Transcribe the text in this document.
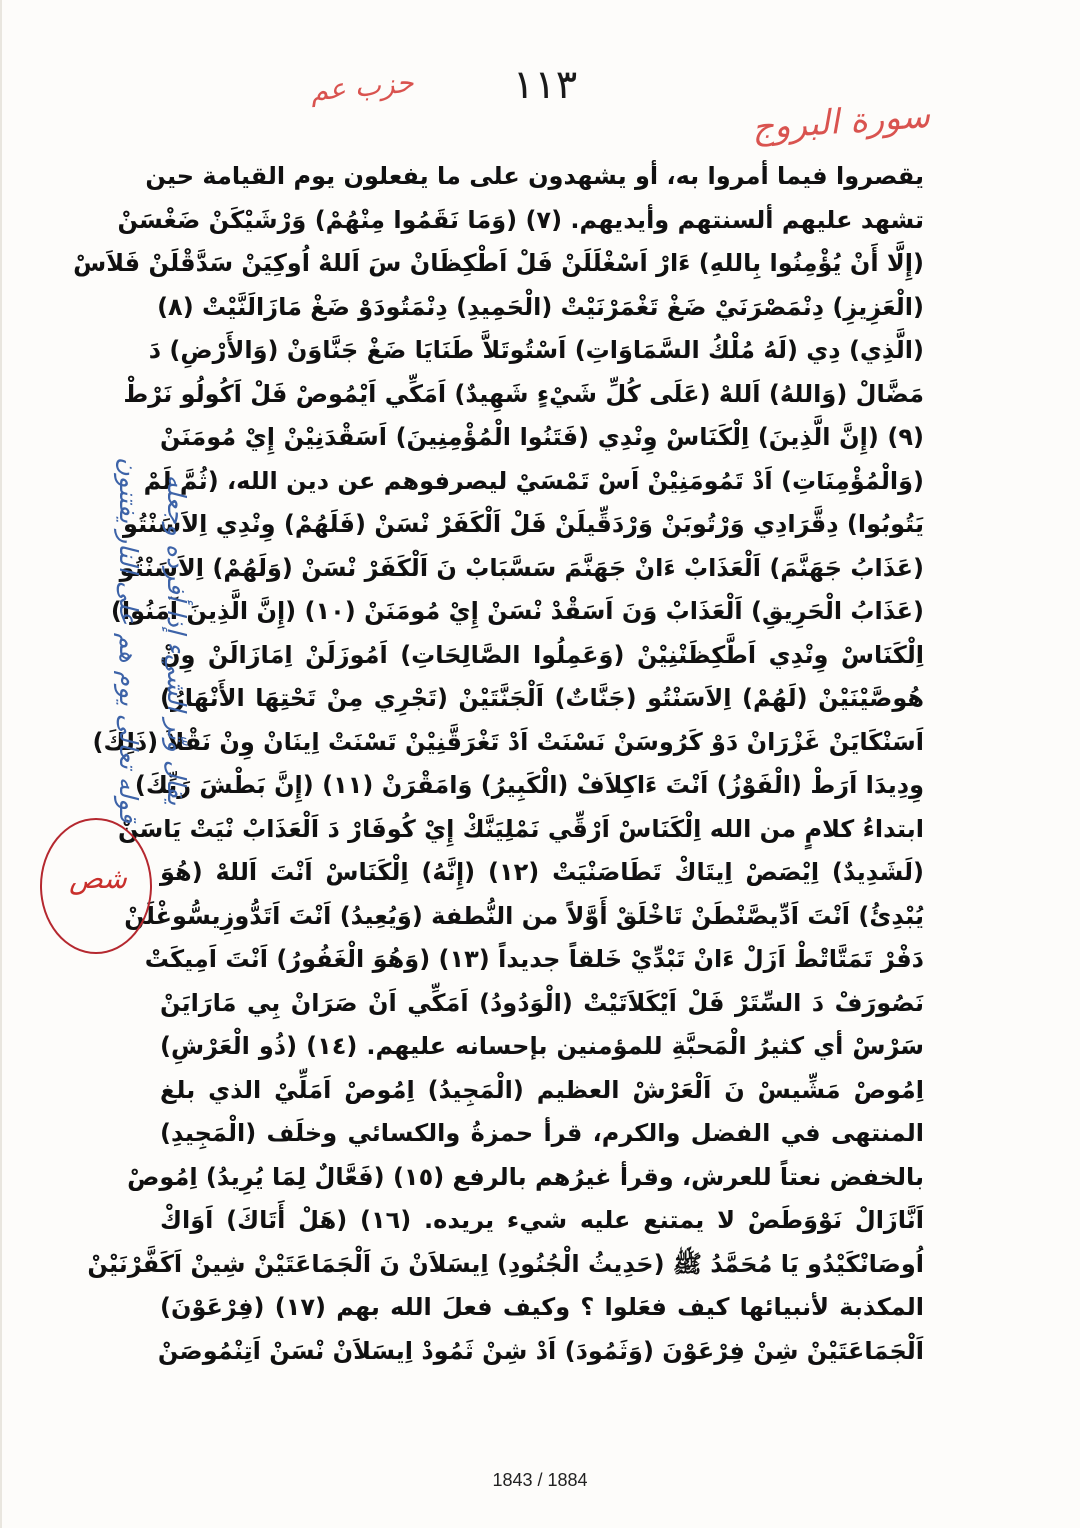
حزب عم	١١٣
سورة البروج
يقصروا فيما أمروا به، أو يشهدون على ما يفعلون يوم القيامة حين
تشهد عليهم ألسنتهم وأيديهم. (٧) (وَمَا نَقَمُوا مِنْهُمْ) وَرْشَيْكَنْ ضَغْسَنْ
(إِلَّا أَنْ يُؤْمِنُوا بِاللهِ) ءَارْ اَسْغْلَلَنْ فَلْ اَطْكِظَانْ سَ اَللهْ اُوكِيَنْ سَدَّقْلَنْ فَلاَسْ
(الْعَزِيزِ) دِنْمَصْرَنَيْ ضَغْ تَغْمَرْنَيْتْ (الْحَمِيدِ) دِنْمَتُودَوْ ضَغْ مَازَالَنَّيْتْ (٨)
(الَّذِي) دِي (لَهُ مُلْكُ السَّمَاوَاتِ) اَسْتُوتَلاَّ طَنَايَا ضَغْ جَنَّاوَنْ (وَالأَرْضِ) دَ
مَضَّالْ (وَاللهُ) اَللهْ (عَلَى كُلِّ شَيْءٍ شَهِيدٌ) اَمَكِّي اَيْمُوصْ فَلْ اَكُولُو نَرْطْ
(٩) (إِنَّ الَّذِينَ) اِلْكَنَاسْ وِنْدِي (فَتَنُوا الْمُؤْمِنِينَ) اَسَقْدَنِيْنْ إِيْ مُومَنَنْ
(وَالْمُؤْمِنَاتِ) اَدْ تَمُومَنِيْنْ اَسْ تَمْسَيْ ليصرفوهم عن دين الله، (ثُمَّ لَمْ
يَتُوبُوا) دِقَّرَادِي وَرْتُوبَنْ وَرْدَقِّيلَنْ فَلْ اَلْكَفَرْ نْسَنْ (فَلَهُمْ) وِنْدِي اِلاَسَنْتُو
(عَذَابُ جَهَنَّمَ) اَلْعَذَابْ ءَانْ جَهَنَّمَ سَسَّبَابْ نَ اَلْكَفَرْ نْسَنْ (وَلَهُمْ) اِلاَسَنْتُو
(عَذَابُ الْحَرِيقِ) اَلْعَذَابْ وَنَ اَسَقْدْ نْسَنْ إِيْ مُومَنَنْ (١٠) (إِنَّ الَّذِينَ آمَنُوا)
اِلْكَنَاسْ وِنْدِي اَطَّكِظَنْنِيْنْ (وَعَمِلُوا الصَّالِحَاتِ) اَمُوزَلَنْ اِمَازَالَنْ وِنْ
هُوصَّيْنَيْنْ (لَهُمْ) اِلاَسَنْتُو (جَنَّاتٌ) اَلْجَنَّتَيْنْ (تَجْرِي مِنْ تَحْتِهَا الأَنْهَارُ)
اَسَنْكَايَنْ غَزْرَانْ دَوْ كَرُوسَنْ نَسْنَتْ اَدْ تَغْرَقَّنِيْنْ تَسْنَتْ اِينَانْ وِنْ نَقْلاَ (ذَلِكَ)
وِدِيدَا اَرَطْ (الْفَوْزُ) اَنْتَ ءَاكِلاَفْ (الْكَبِيرُ) وَامَقْرَنْ (١١) (إِنَّ بَطْشَ رَبِّكَ)
ابتداءُ كلامٍ من الله اِلْكَنَاسْ اَرْقِّي نَمْلِيَنَّكْ إِيْ كُوفَارْ دَ اَلْعَذَابْ نْيَتْ يَاسَنْ
(لَشَدِيدٌ) اِيْصَصْ اِيتَاكْ تَطَاصَنْيَتْ (١٢) (إِنَّهُ) اِلْكَنَاسْ اَنْتَ اَللهْ (هُوَ
يُبْدِئُ) اَنْتَ اَدِّيصَّنْطَنْ تَاخْلَقْ أَوَّلاً من النُّطفة (وَيُعِيدُ) اَنْتَ اَتَدُّوزِيسُّوغْلَنْ
دَفْرْ تَمَتَّاتْطْ اَزَلْ ءَانْ تَبْدِّيْ خَلقاً جديداً (١٣) (وَهُوَ الْغَفُورُ) اَنْتَ اَمِيكَتْ
نَصُورَفْ دَ السِّتَرْ فَلْ اَيْكَلاَتَيْتْ (الْوَدُودُ) اَمَكِّي اَنْ صَرَانْ بِي مَارَايَنْ
سَرْسْ أي كثيرُ الْمَحبَّةِ للمؤمنين بإحسانه عليهم. (١٤) (ذُو الْعَرْشِ)
اِمُوصْ مَشِّيسْ نَ اَلْعَرْشْ العظيم (الْمَجِيدُ) اِمُوصْ اَمَلِّيْ الذي بلغ
المنتهى في الفضل والكرم، قرأ حمزةُ والكسائي وخلَف (الْمَجِيدِ)
بالخفض نعتاً للعرش، وقرأ غيرُهم بالرفع (١٥) (فَعَّالٌ لِمَا يُرِيدُ) اِمُوصْ
اَنَّازَالْ نَوْوَطَصْ لا يمتنع عليه شيء يريده. (١٦) (هَلْ أَتَاكَ) اَوَاكْ
اُوصَانْكَيْدُو يَا مُحَمَّدُ ﷺ (حَدِيثُ الْجُنُودِ) اِيسَلاَنْ نَ اَلْجَمَاعَتَيْنْ شِينْ اَكَفَّرْنَيْنْ
المكذبة لأنبيائها كيف فعَلوا ؟ وكيف فعلَ الله بهم (١٧) (فِرْعَوْنَ)
اَلْجَمَاعَتَيْنْ شِنْ فِرْعَوْنَ (وَثَمُودَ) اَدْ شِنْ ثَمُودْ اِيسَلاَنْ نْسَنْ اَتِنْمُوصَنْ
يقال وتّر الشيء إذا أفرده وجعله
قوله تعالى يوم هم على النار يفتنون
شص
1843 / 1884
